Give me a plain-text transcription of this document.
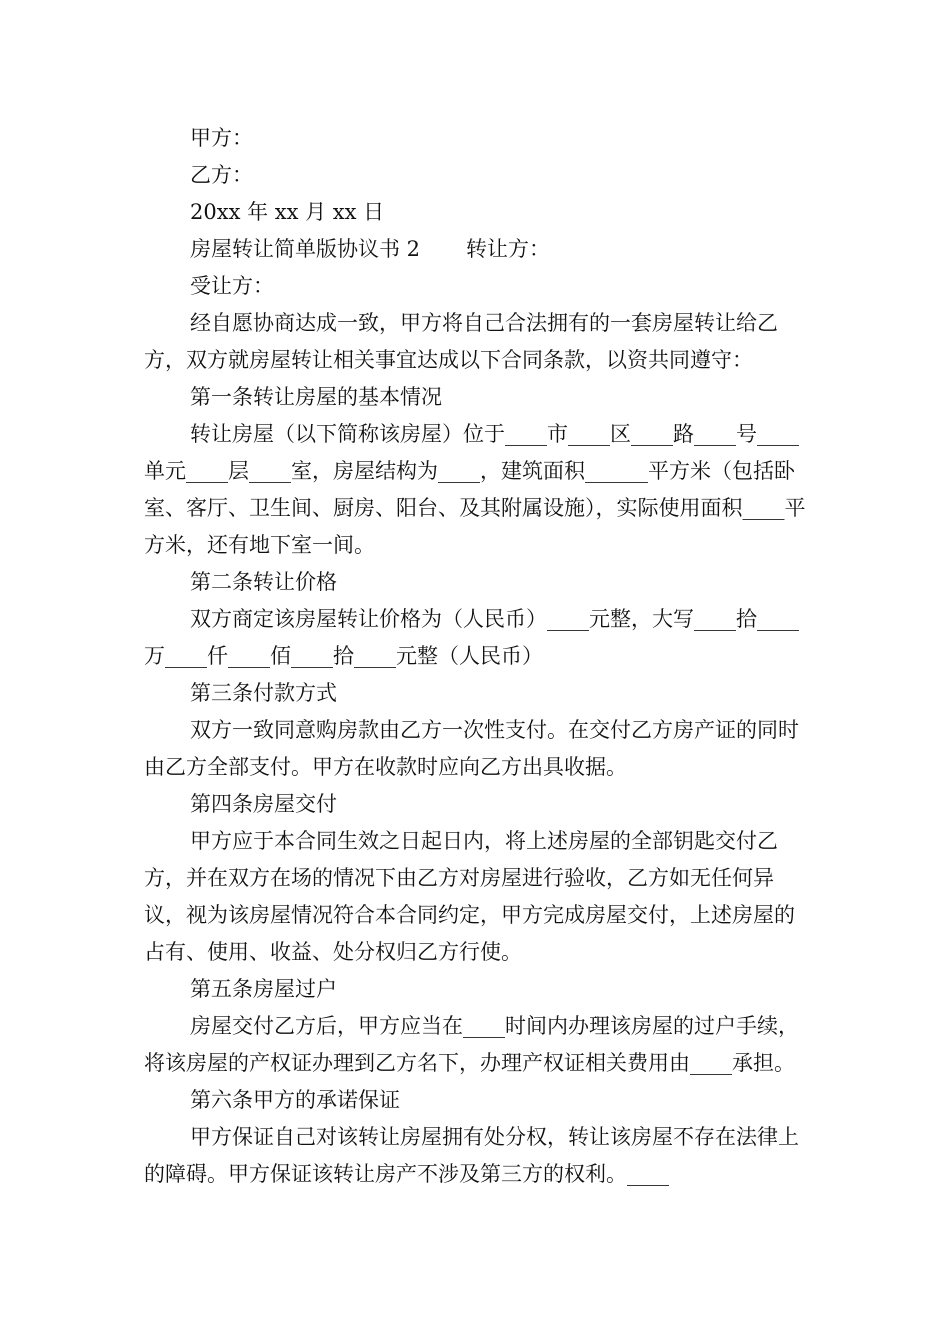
甲方：

乙方：

20xx 年 xx 月 xx 日

房屋转让简单版协议书 2 转让方：

受让方：

经自愿协商达成一致，甲方将自己合法拥有的一套房屋转让给乙方，双方就房屋转让相关事宜达成以下合同条款，以资共同遵守：

第一条转让房屋的基本情况

转让房屋（以下简称该房屋）位于____市____区____路____号____单元____层____室，房屋结构为____，建筑面积______平方米（包括卧室、客厅、卫生间、厨房、阳台、及其附属设施），实际使用面积____平方米，还有地下室一间。

第二条转让价格

双方商定该房屋转让价格为（人民币）____元整，大写____拾____万____仟____佰____拾____元整（人民币）

第三条付款方式

双方一致同意购房款由乙方一次性支付。在交付乙方房产证的同时由乙方全部支付。甲方在收款时应向乙方出具收据。

第四条房屋交付

甲方应于本合同生效之日起日内，将上述房屋的全部钥匙交付乙方，并在双方在场的情况下由乙方对房屋进行验收，乙方如无任何异议，视为该房屋情况符合本合同约定，甲方完成房屋交付，上述房屋的占有、使用、收益、处分权归乙方行使。

第五条房屋过户

房屋交付乙方后，甲方应当在____时间内办理该房屋的过户手续，将该房屋的产权证办理到乙方名下，办理产权证相关费用由____承担。

第六条甲方的承诺保证

甲方保证自己对该转让房屋拥有处分权，转让该房屋不存在法律上的障碍。甲方保证该转让房产不涉及第三方的权利。____
